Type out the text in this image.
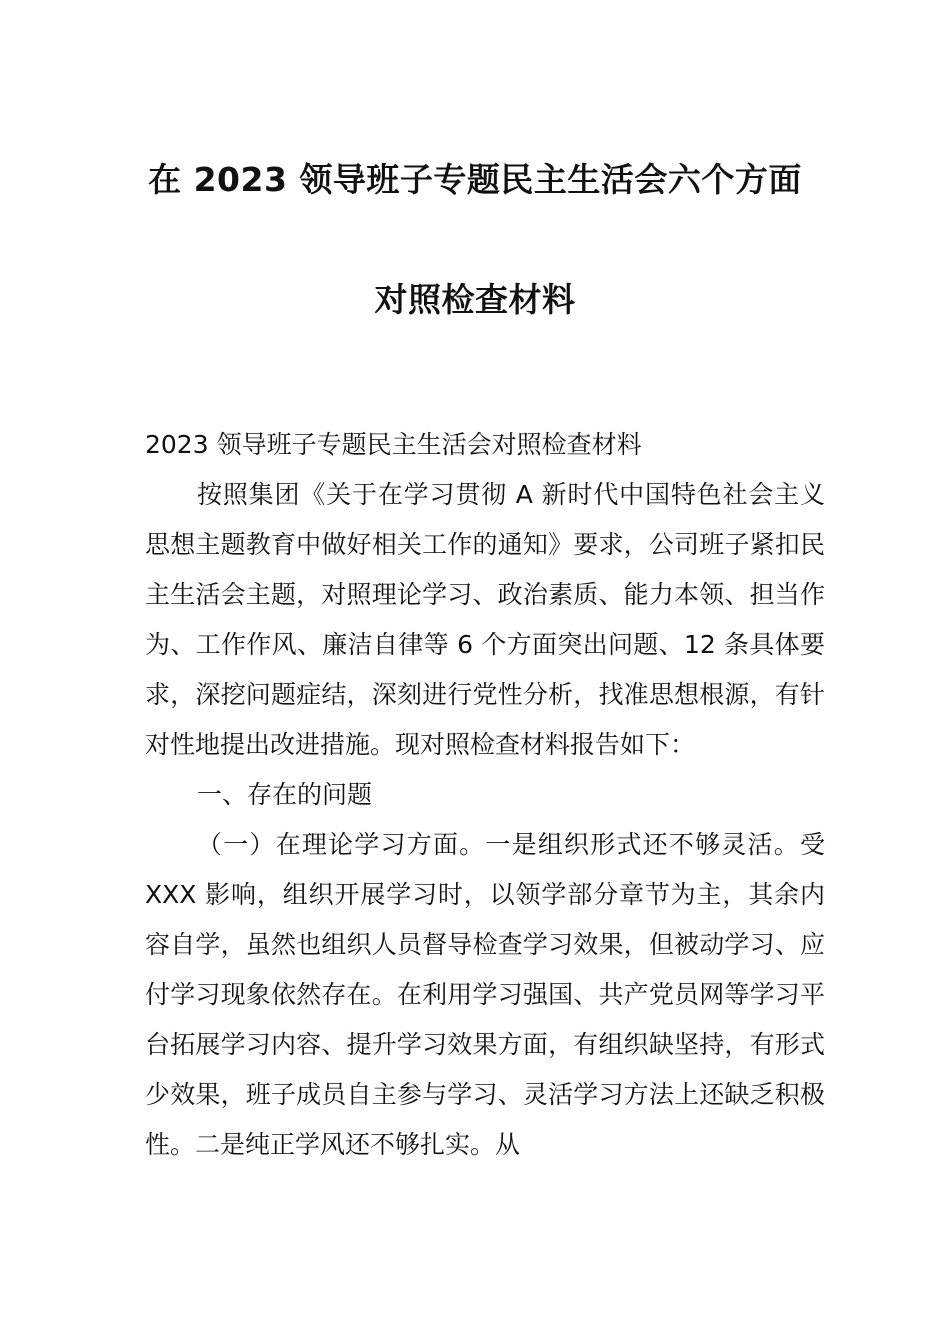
在 2023 领导班子专题民主生活会六个方面
对照检查材料

2023 领导班子专题民主生活会对照检查材料

按照集团《关于在学习贯彻 A 新时代中国特色社会主义思想主题教育中做好相关工作的通知》要求，公司班子紧扣民主生活会主题，对照理论学习、政治素质、能力本领、担当作为、工作作风、廉洁自律等 6 个方面突出问题、12 条具体要求，深挖问题症结，深刻进行党性分析，找准思想根源，有针对性地提出改进措施。现对照检查材料报告如下：

一、存在的问题

（一）在理论学习方面。一是组织形式还不够灵活。受 XXX 影响，组织开展学习时，以领学部分章节为主，其余内容自学，虽然也组织人员督导检查学习效果，但被动学习、应付学习现象依然存在。在利用学习强国、共产党员网等学习平台拓展学习内容、提升学习效果方面，有组织缺坚持，有形式少效果，班子成员自主参与学习、灵活学习方法上还缺乏积极性。二是纯正学风还不够扎实。从
